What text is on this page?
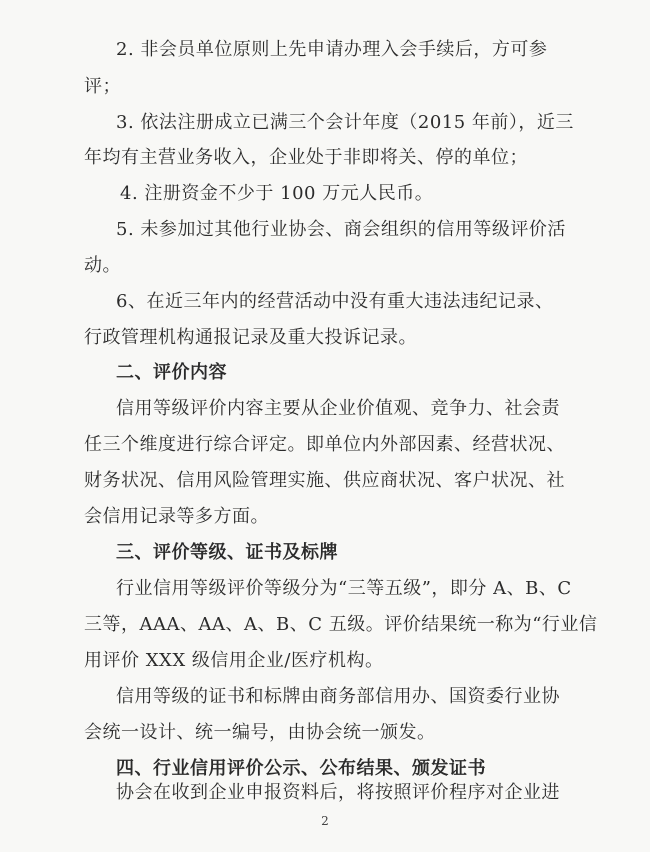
2. 非会员单位原则上先申请办理入会手续后，方可参
评；
3. 依法注册成立已满三个会计年度（2015 年前），近三
年均有主营业务收入，企业处于非即将关、停的单位；
4. 注册资金不少于 100 万元人民币。
5. 未参加过其他行业协会、商会组织的信用等级评价活
动。
6、在近三年内的经营活动中没有重大违法违纪记录、
行政管理机构通报记录及重大投诉记录。
二、评价内容
信用等级评价内容主要从企业价值观、竞争力、社会责
任三个维度进行综合评定。即单位内外部因素、经营状况、
财务状况、信用风险管理实施、供应商状况、客户状况、社
会信用记录等多方面。
三、评价等级、证书及标牌
行业信用等级评价等级分为“三等五级”，即分 A、B、C
三等，AAA、AA、A、B、C 五级。评价结果统一称为“行业信
用评价 XXX 级信用企业/医疗机构。
信用等级的证书和标牌由商务部信用办、国资委行业协
会统一设计、统一编号，由协会统一颁发。
四、行业信用评价公示、公布结果、颁发证书
协会在收到企业申报资料后，将按照评价程序对企业进
2
